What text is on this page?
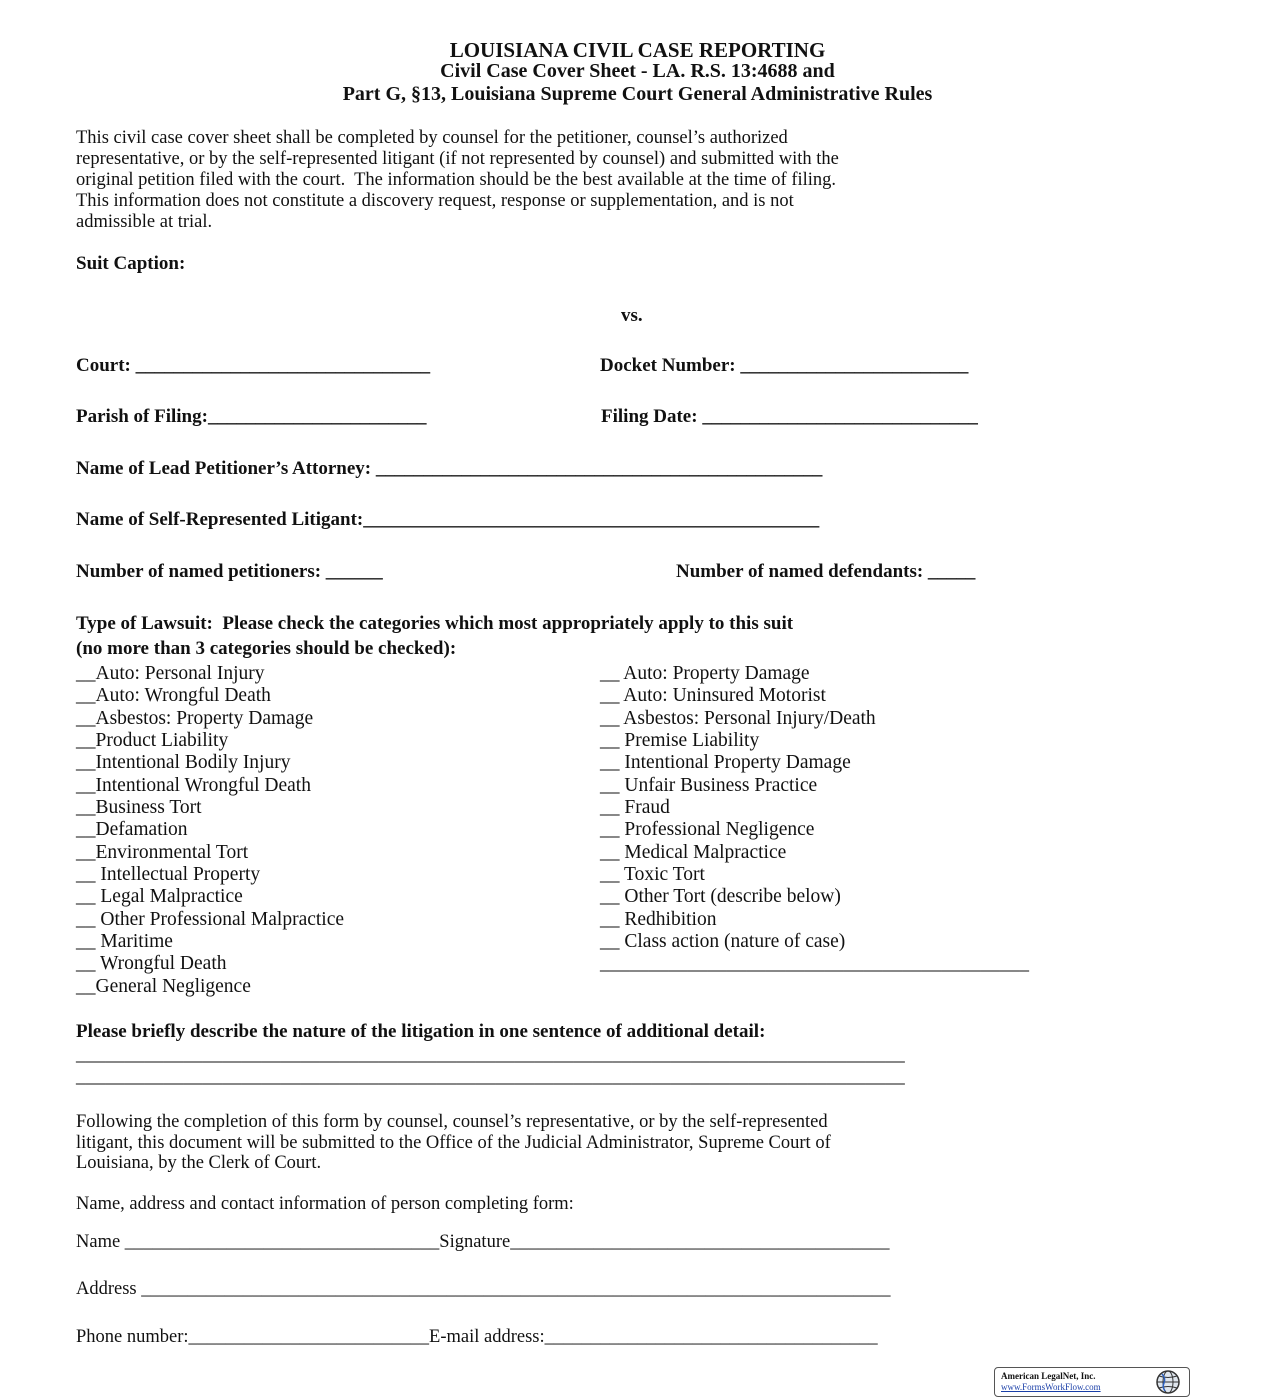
LOUISIANA CIVIL CASE REPORTING
Civil Case Cover Sheet - LA. R.S. 13:4688 and
Part G, §13, Louisiana Supreme Court General Administrative Rules
This civil case cover sheet shall be completed by counsel for the petitioner, counsel’s authorized
representative, or by the self-represented litigant (if not represented by counsel) and submitted with the
original petition filed with the court.  The information should be the best available at the time of filing.
This information does not constitute a discovery request, response or supplementation, and is not
admissible at trial.
Suit Caption:
vs.
Court: _______________________________	Docket Number: ________________________
Parish of Filing:_______________________	Filing Date: _____________________________
Name of Lead Petitioner’s Attorney: _______________________________________________
Name of Self-Represented Litigant:________________________________________________
Number of named petitioners: ______	Number of named defendants: _____
Type of Lawsuit:  Please check the categories which most appropriately apply to this suit
(no more than 3 categories should be checked):
__Auto: Personal Injury
__Auto: Wrongful Death
__Asbestos: Property Damage
__Product Liability
__Intentional Bodily Injury
__Intentional Wrongful Death
__Business Tort
__Defamation
__Environmental Tort
__ Intellectual Property
__ Legal Malpractice
__ Other Professional Malpractice
__ Maritime
__ Wrongful Death
__General Negligence
__ Auto: Property Damage
__ Auto: Uninsured Motorist
__ Asbestos: Personal Injury/Death
__ Premise Liability
__ Intentional Property Damage
__ Unfair Business Practice
__ Fraud
__ Professional Negligence
__ Medical Malpractice
__ Toxic Tort
__ Other Tort (describe below)
__ Redhibition
__ Class action (nature of case)
____________________________________________
Please briefly describe the nature of the litigation in one sentence of additional detail:
_____________________________________________________________________________________
_____________________________________________________________________________________
Following the completion of this form by counsel, counsel’s representative, or by the self-represented
litigant, this document will be submitted to the Office of the Judicial Administrator, Supreme Court of
Louisiana, by the Clerk of Court.
Name, address and contact information of person completing form:
Name __________________________________Signature_________________________________________
Address _________________________________________________________________________________
Phone number:__________________________E-mail address:____________________________________
American LegalNet, Inc.
www.FormsWorkFlow.com
